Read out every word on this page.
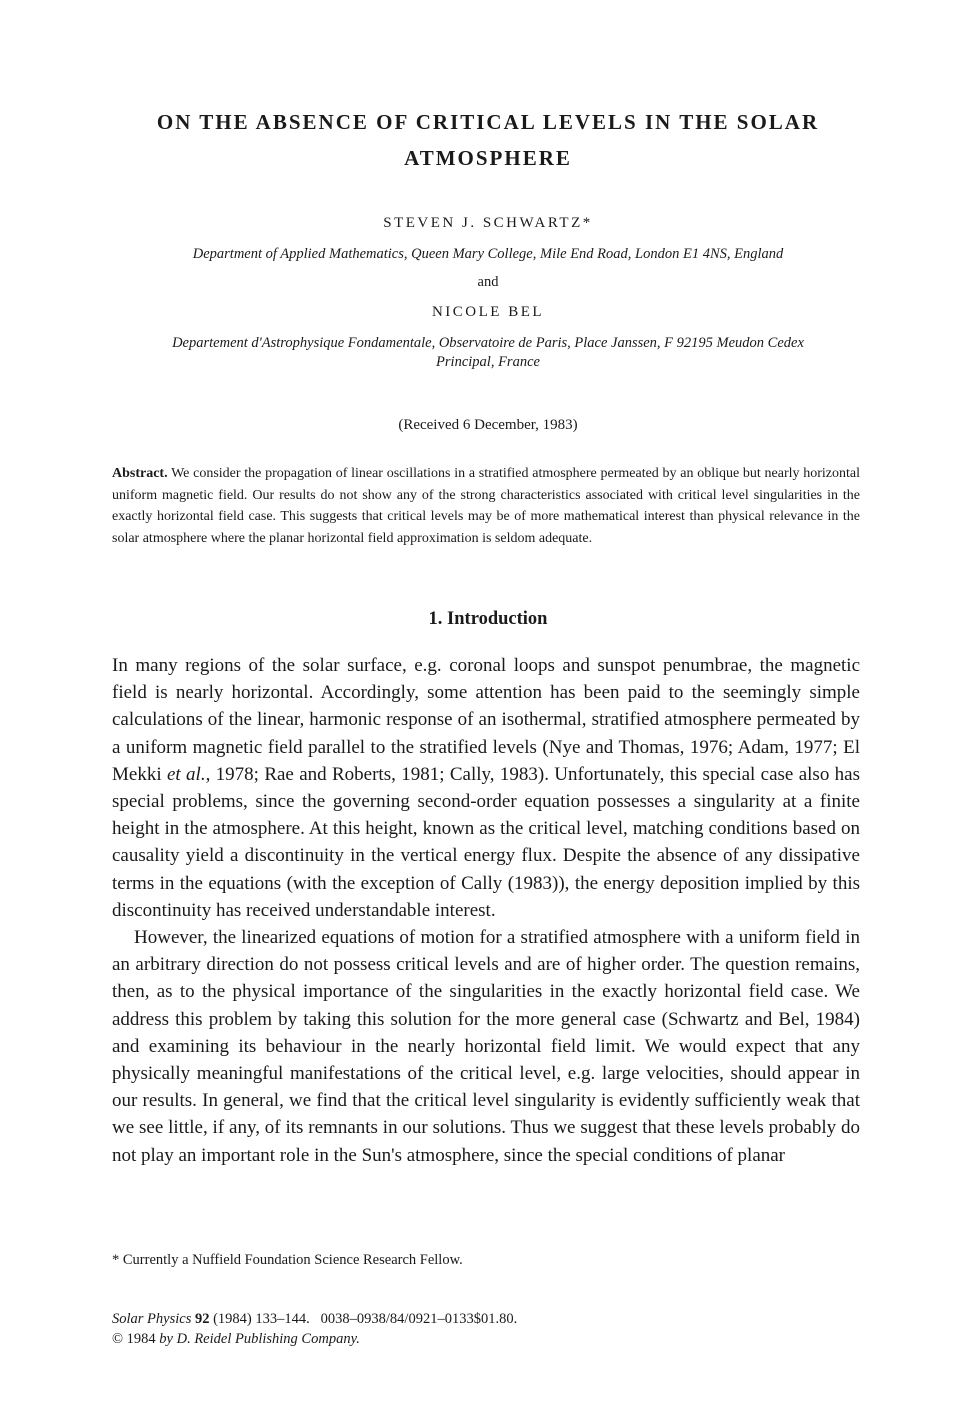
ON THE ABSENCE OF CRITICAL LEVELS IN THE SOLAR ATMOSPHERE
STEVEN J. SCHWARTZ*
Department of Applied Mathematics, Queen Mary College, Mile End Road, London E1 4NS, England
and
NICOLE BEL
Departement d'Astrophysique Fondamentale, Observatoire de Paris, Place Janssen, F 92195 Meudon Cedex
Principal, France
(Received 6 December, 1983)

Abstract. We consider the propagation of linear oscillations in a stratified atmosphere permeated by an oblique but nearly horizontal uniform magnetic field. Our results do not show any of the strong characteristics associated with critical level singularities in the exactly horizontal field case. This suggests that critical levels may be of more mathematical interest than physical relevance in the solar atmosphere where the planar horizontal field approximation is seldom adequate.

1. Introduction

In many regions of the solar surface, e.g. coronal loops and sunspot penumbrae, the magnetic field is nearly horizontal. Accordingly, some attention has been paid to the seemingly simple calculations of the linear, harmonic response of an isothermal, stratified atmosphere permeated by a uniform magnetic field parallel to the stratified levels (Nye and Thomas, 1976; Adam, 1977; El Mekki et al., 1978; Rae and Roberts, 1981; Cally, 1983). Unfortunately, this special case also has special problems, since the governing second-order equation possesses a singularity at a finite height in the atmosphere. At this height, known as the critical level, matching conditions based on causality yield a discontinuity in the vertical energy flux. Despite the absence of any dissipative terms in the equations (with the exception of Cally (1983)), the energy deposition implied by this discontinuity has received understandable interest.

However, the linearized equations of motion for a stratified atmosphere with a uniform field in an arbitrary direction do not possess critical levels and are of higher order. The question remains, then, as to the physical importance of the singularities in the exactly horizontal field case. We address this problem by taking this solution for the more general case (Schwartz and Bel, 1984) and examining its behaviour in the nearly horizontal field limit. We would expect that any physically meaningful manifestations of the critical level, e.g. large velocities, should appear in our results. In general, we find that the critical level singularity is evidently sufficiently weak that we see little, if any, of its remnants in our solutions. Thus we suggest that these levels probably do not play an important role in the Sun's atmosphere, since the special conditions of planar

* Currently a Nuffield Foundation Science Research Fellow.
Solar Physics 92 (1984) 133–144. 0038–0938/84/0921–0133$01.80.
© 1984 by D. Reidel Publishing Company.
